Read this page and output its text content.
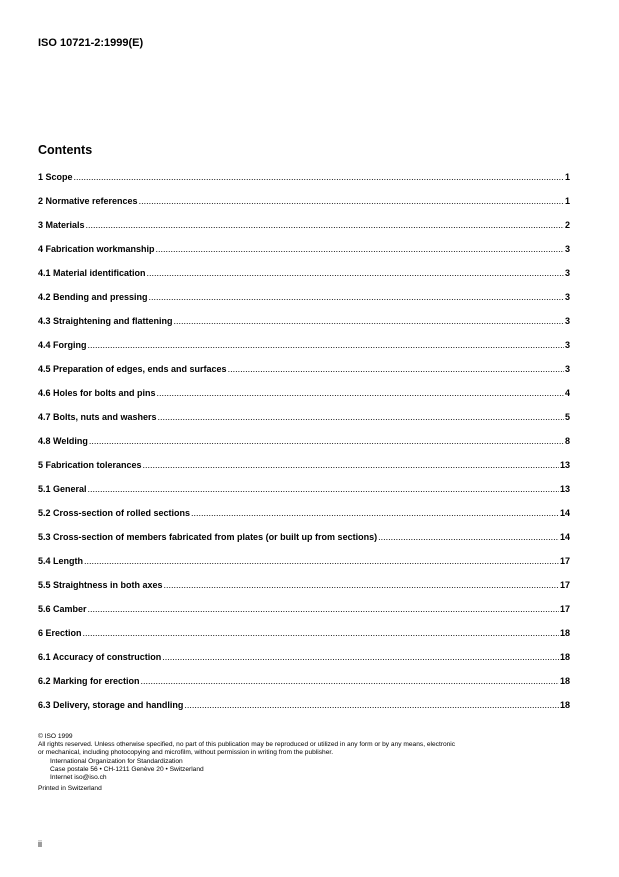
ISO 10721-2:1999(E)
Contents
1 Scope .....	1
2 Normative references .....	1
3 Materials .....	2
4 Fabrication workmanship .....	3
4.1 Material identification .....	3
4.2 Bending and pressing .....	3
4.3 Straightening and flattening .....	3
4.4 Forging .....	3
4.5 Preparation of edges, ends and surfaces .....	3
4.6 Holes for bolts and pins .....	4
4.7 Bolts, nuts and washers .....	5
4.8 Welding .....	8
5 Fabrication tolerances .....	13
5.1 General .....	13
5.2 Cross-section of rolled sections .....	14
5.3 Cross-section of members fabricated from plates (or built up from sections) .....	14
5.4 Length .....	17
5.5 Straightness in both axes .....	17
5.6 Camber .....	17
6 Erection .....	18
6.1 Accuracy of construction .....	18
6.2 Marking for erection .....	18
6.3 Delivery, storage and handling .....	18

© ISO 1999

All rights reserved. Unless otherwise specified, no part of this publication may be reproduced or utilized in any form or by any means, electronic

or mechanical, including photocopying and microfilm, without permission in writing from the publisher.

International Organization for Standardization

Case postale 56 • CH-1211 Genève 20 • Switzerland

Internet iso@iso.ch

Printed in Switzerland

ii
